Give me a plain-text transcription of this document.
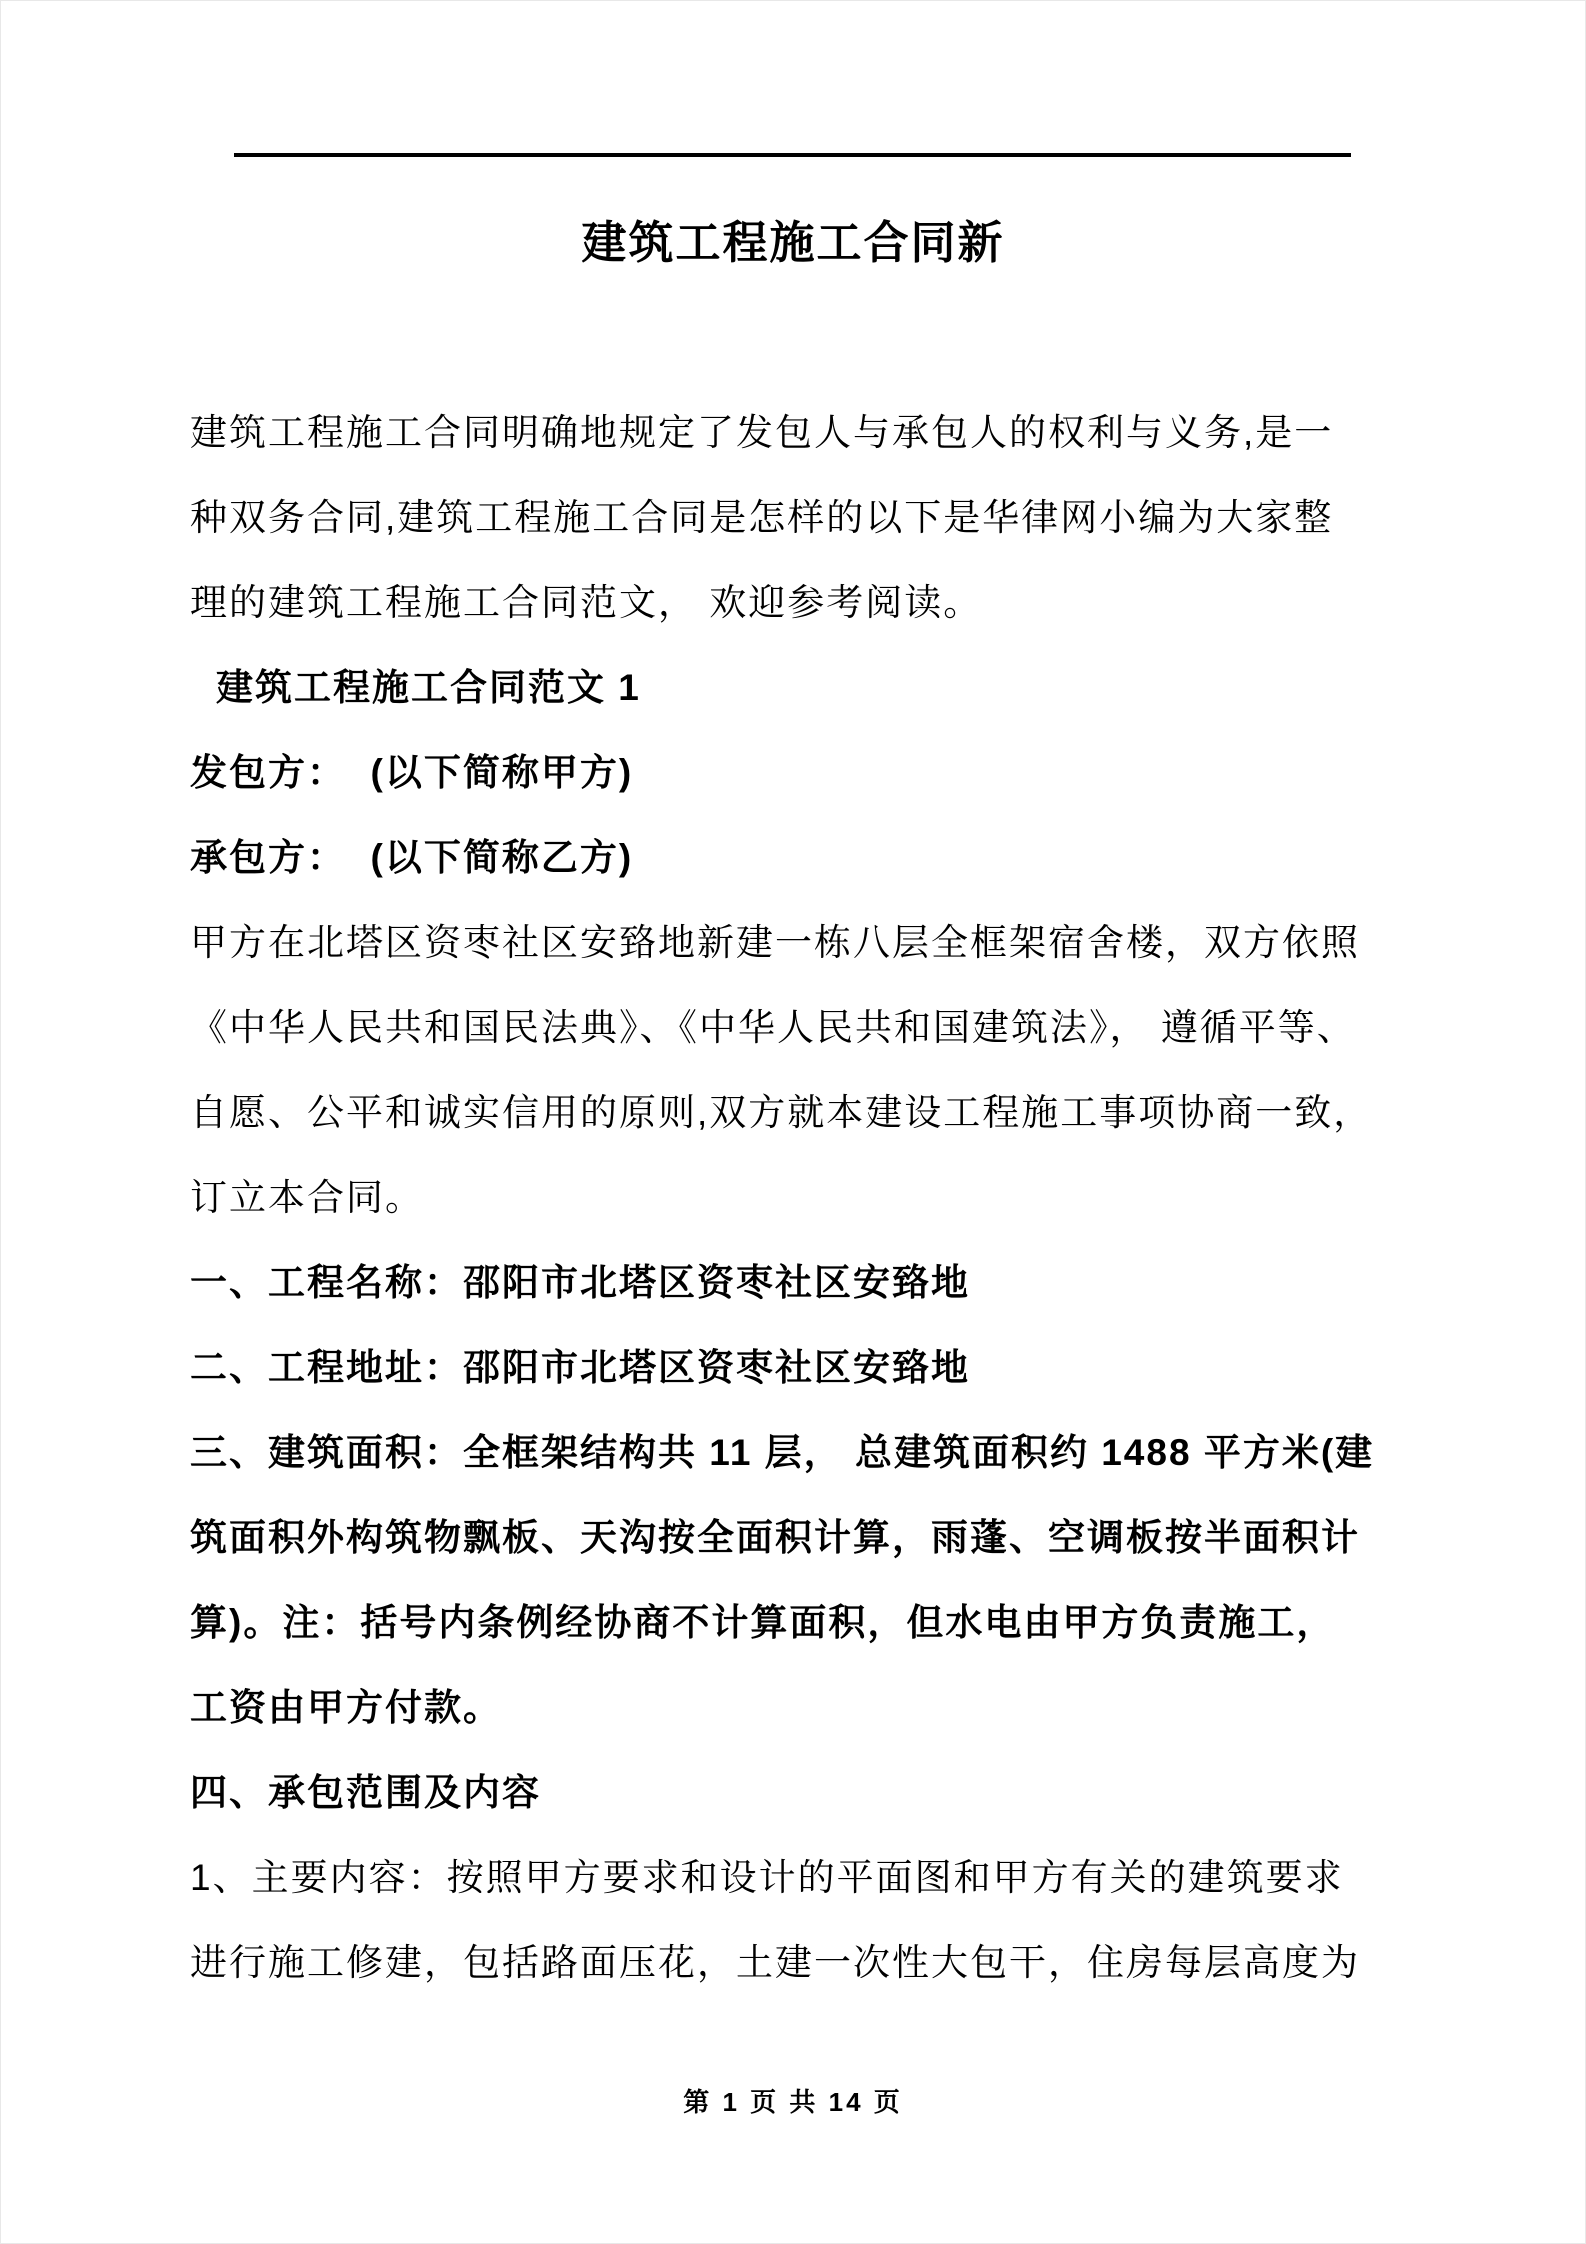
建筑工程施工合同新
建筑工程施工合同明确地规定了发包人与承包人的权利与义务,是一
种双务合同,建筑工程施工合同是怎样的以下是华律网小编为大家整
理的建筑工程施工合同范文， 欢迎参考阅读。
建筑工程施工合同范文 1
发包方：  (以下简称甲方)
承包方：  (以下简称乙方)
甲方在北塔区资枣社区安臵地新建一栋八层全框架宿舍楼，双方依照
《中华人民共和国民法典》、《中华人民共和国建筑法》， 遵循平等、
自愿、公平和诚实信用的原则,双方就本建设工程施工事项协商一致，
订立本合同。
一、工程名称：邵阳市北塔区资枣社区安臵地
二、工程地址：邵阳市北塔区资枣社区安臵地
三、建筑面积：全框架结构共 11 层， 总建筑面积约 1488 平方米(建
筑面积外构筑物飘板、天沟按全面积计算，雨蓬、空调板按半面积计
算)。注：括号内条例经协商不计算面积，但水电由甲方负责施工，
工资由甲方付款。
四、承包范围及内容
1、主要内容：按照甲方要求和设计的平面图和甲方有关的建筑要求
进行施工修建，包括路面压花，土建一次性大包干，住房每层高度为
第 1 页 共 14 页
